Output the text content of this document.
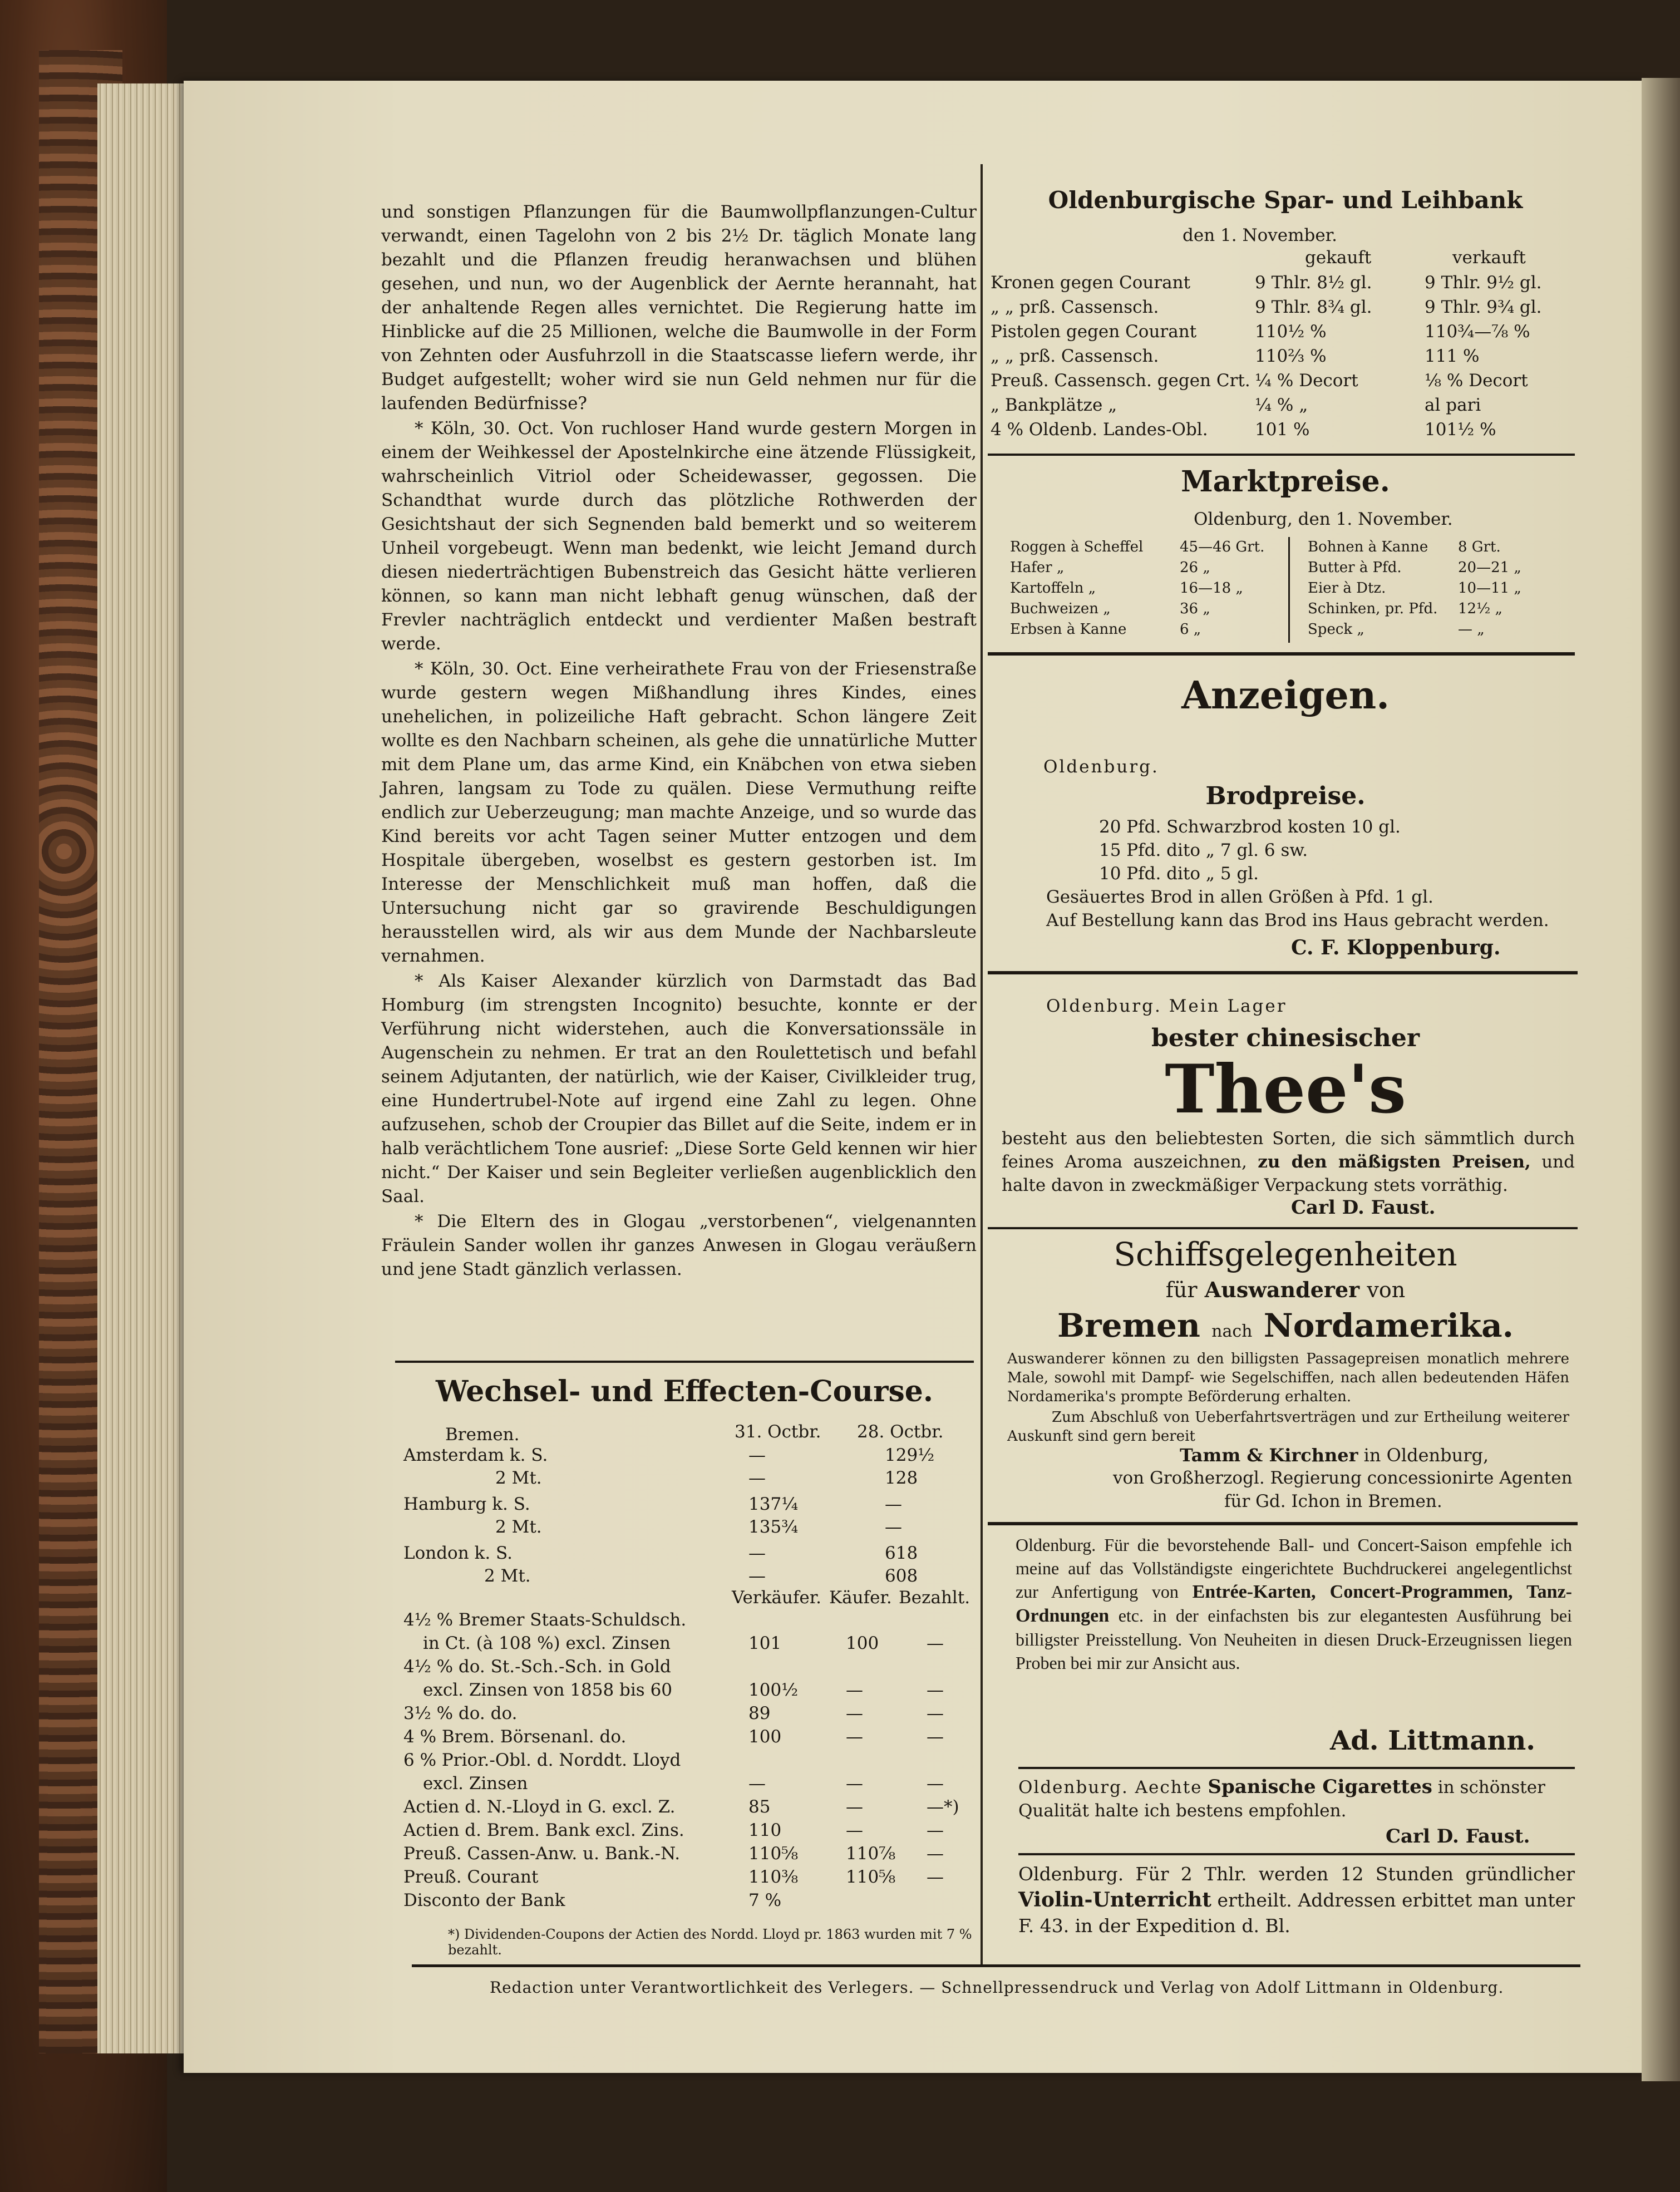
und sonstigen Pflanzungen für die Baumwollpflanzungen-Cultur verwandt, einen Tagelohn von 2 bis 2½ Dr. täglich Monate lang bezahlt und die Pflanzen freudig heranwachsen und blühen gesehen, und nun, wo der Augenblick der Aernte herannaht, hat der anhaltende Regen alles vernichtet. Die Regierung hatte im Hinblicke auf die 25 Millionen, welche die Baumwolle in der Form von Zehnten oder Ausfuhrzoll in die Staatscasse liefern werde, ihr Budget aufgestellt; woher wird sie nun Geld nehmen nur für die laufenden Bedürfnisse?

* Köln, 30. Oct. Von ruchloser Hand wurde gestern Morgen in einem der Weihkessel der Apostelnkirche eine ätzende Flüssigkeit, wahrscheinlich Vitriol oder Scheidewasser, gegossen. Die Schandthat wurde durch das plötzliche Rothwerden der Gesichtshaut der sich Segnenden bald bemerkt und so weiterem Unheil vorgebeugt. Wenn man bedenkt, wie leicht Jemand durch diesen niederträchtigen Bubenstreich das Gesicht hätte verlieren können, so kann man nicht lebhaft genug wünschen, daß der Frevler nachträglich entdeckt und verdienter Maßen bestraft werde.

* Köln, 30. Oct. Eine verheirathete Frau von der Friesenstraße wurde gestern wegen Mißhandlung ihres Kindes, eines unehelichen, in polizeiliche Haft gebracht. Schon längere Zeit wollte es den Nachbarn scheinen, als gehe die unnatürliche Mutter mit dem Plane um, das arme Kind, ein Knäbchen von etwa sieben Jahren, langsam zu Tode zu quälen. Diese Vermuthung reifte endlich zur Ueberzeugung; man machte Anzeige, und so wurde das Kind bereits vor acht Tagen seiner Mutter entzogen und dem Hospitale übergeben, woselbst es gestern gestorben ist. Im Interesse der Menschlichkeit muß man hoffen, daß die Untersuchung nicht gar so gravirende Beschuldigungen herausstellen wird, als wir aus dem Munde der Nachbarsleute vernahmen.

* Als Kaiser Alexander kürzlich von Darmstadt das Bad Homburg (im strengsten Incognito) besuchte, konnte er der Verführung nicht widerstehen, auch die Konversationssäle in Augenschein zu nehmen. Er trat an den Roulettetisch und befahl seinem Adjutanten, der natürlich, wie der Kaiser, Civilkleider trug, eine Hundertrubel-Note auf irgend eine Zahl zu legen. Ohne aufzusehen, schob der Croupier das Billet auf die Seite, indem er in halb verächtlichem Tone ausrief: „Diese Sorte Geld kennen wir hier nicht.“ Der Kaiser und sein Begleiter verließen augenblicklich den Saal.

* Die Eltern des in Glogau „verstorbenen“, vielgenannten Fräulein Sander wollen ihr ganzes Anwesen in Glogau veräußern und jene Stadt gänzlich verlassen.

Wechsel- und Effecten-Course.
Bremen.	31. Octbr. 28. Octbr.
Amsterdam k. S.	—	129½
2 Mt.	—	128
Hamburg k. S.	137¼	—
2 Mt.	135¾	—
London k. S.	—	618
2 Mt.	—	608
Verkäufer. Käufer. Bezahlt.
4½ % Bremer Staats-Schuldsch.
in Ct. (à 108 %) excl. Zinsen	101	100	—
4½ % do. St.-Sch.-Sch. in Gold
excl. Zinsen von 1858 bis 60	100½	—	—
3½ % do. do.	89	—	—
4 % Brem. Börsenanl. do.	100	—	—
6 % Prior.-Obl. d. Norddt. Lloyd
excl. Zinsen	—	—	—
Actien d. N.-Lloyd in G. excl. Z.	85	—	—*)
Actien d. Brem. Bank excl. Zins.	110	—	—
Preuß. Cassen-Anw. u. Bank.-N.	110⅝	110⅞ —
Preuß. Courant	110⅜	110⅝ —
Disconto der Bank	7 %
*) Dividenden-Coupons der Actien des Nordd. Lloyd pr. 1863 wurden mit 7 % bezahlt.
Oldenburgische Spar- und Leihbank
den 1. November.
gekauft	verkauft
Kronen gegen Courant	9 Thlr. 8½ gl.	9 Thlr. 9½ gl.
„ „ prß. Cassensch.	9 Thlr. 8¾ gl.	9 Thlr. 9¾ gl.
Pistolen gegen Courant	110½ %	110¾—⅞ %
„ „ prß. Cassensch.	110⅔ %	111 %
Preuß. Cassensch. gegen Crt. ¼ % Decort	⅛ % Decort
„ Bankplätze „	¼ % „	al pari
4 % Oldenb. Landes-Obl.	101 %	101½ %
Marktpreise.
Oldenburg, den 1. November.
Roggen à Scheffel	45—46 Grt.
Hafer „	26 „
Kartoffeln „	16—18 „
Buchweizen „	36 „
Erbsen à Kanne	6 „
Bohnen à Kanne 8 Grt.
Butter à Pfd.	20—21 „
Eier à Dtz.	10—11 „
Schinken, pr. Pfd. 12½ „
Speck „	— „
Anzeigen.
Oldenburg.
Brodpreise.
20 Pfd. Schwarzbrod kosten 10 gl.
15 Pfd. dito „ 7 gl. 6 sw.
10 Pfd. dito „ 5 gl.
Gesäuertes Brod in allen Größen à Pfd. 1 gl.
Auf Bestellung kann das Brod ins Haus gebracht werden.
C. F. Kloppenburg.
Oldenburg. Mein Lager
bester chinesischer
Thee's
besteht aus den beliebtesten Sorten, die sich sämmtlich durch feines Aroma auszeichnen, zu den mäßigsten Preisen, und halte davon in zweckmäßiger Verpackung stets vorräthig.
Carl D. Faust.
Schiffsgelegenheiten
für Auswanderer von
Bremen nach Nordamerika.
Auswanderer können zu den billigsten Passagepreisen monatlich mehrere Male, sowohl mit Dampf- wie Segelschiffen, nach allen bedeutenden Häfen Nordamerika's prompte Beförderung erhalten.
Zum Abschluß von Ueberfahrtsverträgen und zur Ertheilung weiterer Auskunft sind gern bereit
Tamm & Kirchner in Oldenburg,
von Großherzogl. Regierung concessionirte Agenten
für Gd. Ichon in Bremen.
Oldenburg. Für die bevorstehende Ball- und Concert-Saison empfehle ich meine auf das Vollständigste eingerichtete Buchdruckerei angelegentlichst zur Anfertigung von Entrée-Karten, Concert-Programmen, Tanz-Ordnungen etc. in der einfachsten bis zur elegantesten Ausführung bei billigster Preisstellung. Von Neuheiten in diesen Druck-Erzeugnissen liegen Proben bei mir zur Ansicht aus.
Ad. Littmann.
Oldenburg. Aechte Spanische Cigarettes in schönster Qualität halte ich bestens empfohlen.
Carl D. Faust.
Oldenburg. Für 2 Thlr. werden 12 Stunden gründlicher Violin-Unterricht ertheilt. Addressen erbittet man unter F. 43. in der Expedition d. Bl.
Redaction unter Verantwortlichkeit des Verlegers. — Schnellpressendruck und Verlag von Adolf Littmann in Oldenburg.
